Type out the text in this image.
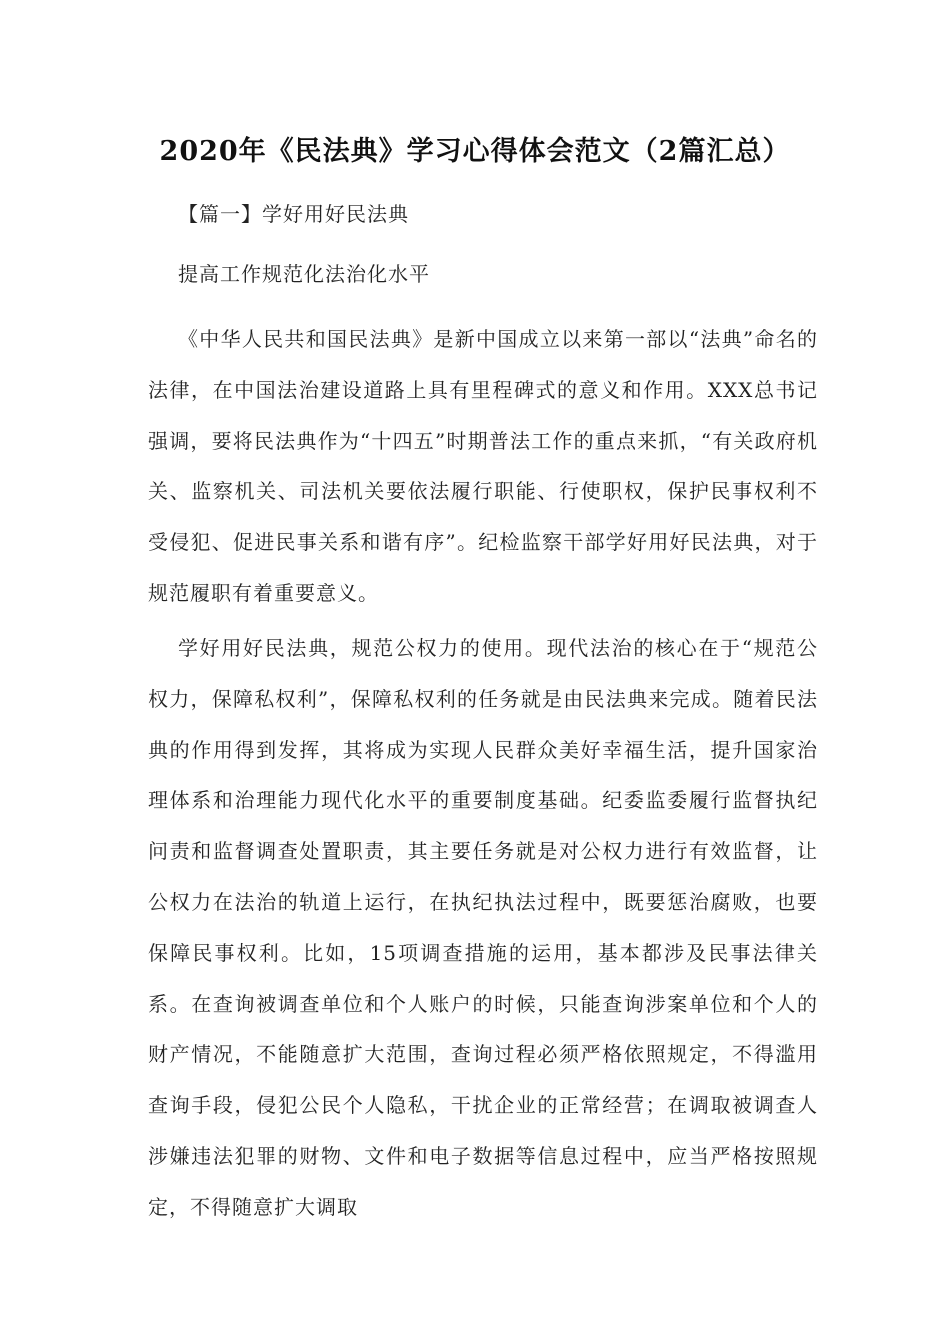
2020年《民法典》学习心得体会范文（2篇汇总）
【篇一】学好用好民法典
提高工作规范化法治化水平

《中华人民共和国民法典》是新中国成立以来第一部以“法典”命名的法律，在中国法治建设道路上具有里程碑式的意义和作用。XXX总书记强调，要将民法典作为“十四五”时期普法工作的重点来抓，“有关政府机关、监察机关、司法机关要依法履行职能、行使职权，保护民事权利不受侵犯、促进民事关系和谐有序”。纪检监察干部学好用好民法典，对于规范履职有着重要意义。

学好用好民法典，规范公权力的使用。现代法治的核心在于“规范公权力，保障私权利”，保障私权利的任务就是由民法典来完成。随着民法典的作用得到发挥，其将成为实现人民群众美好幸福生活，提升国家治理体系和治理能力现代化水平的重要制度基础。纪委监委履行监督执纪问责和监督调查处置职责，其主要任务就是对公权力进行有效监督，让公权力在法治的轨道上运行，在执纪执法过程中，既要惩治腐败，也要保障民事权利。比如，15项调查措施的运用，基本都涉及民事法律关系。在查询被调查单位和个人账户的时候，只能查询涉案单位和个人的财产情况，不能随意扩大范围，查询过程必须严格依照规定，不得滥用查询手段，侵犯公民个人隐私，干扰企业的正常经营；在调取被调查人涉嫌违法犯罪的财物、文件和电子数据等信息过程中，应当严格按照规定，不得随意扩大调取
